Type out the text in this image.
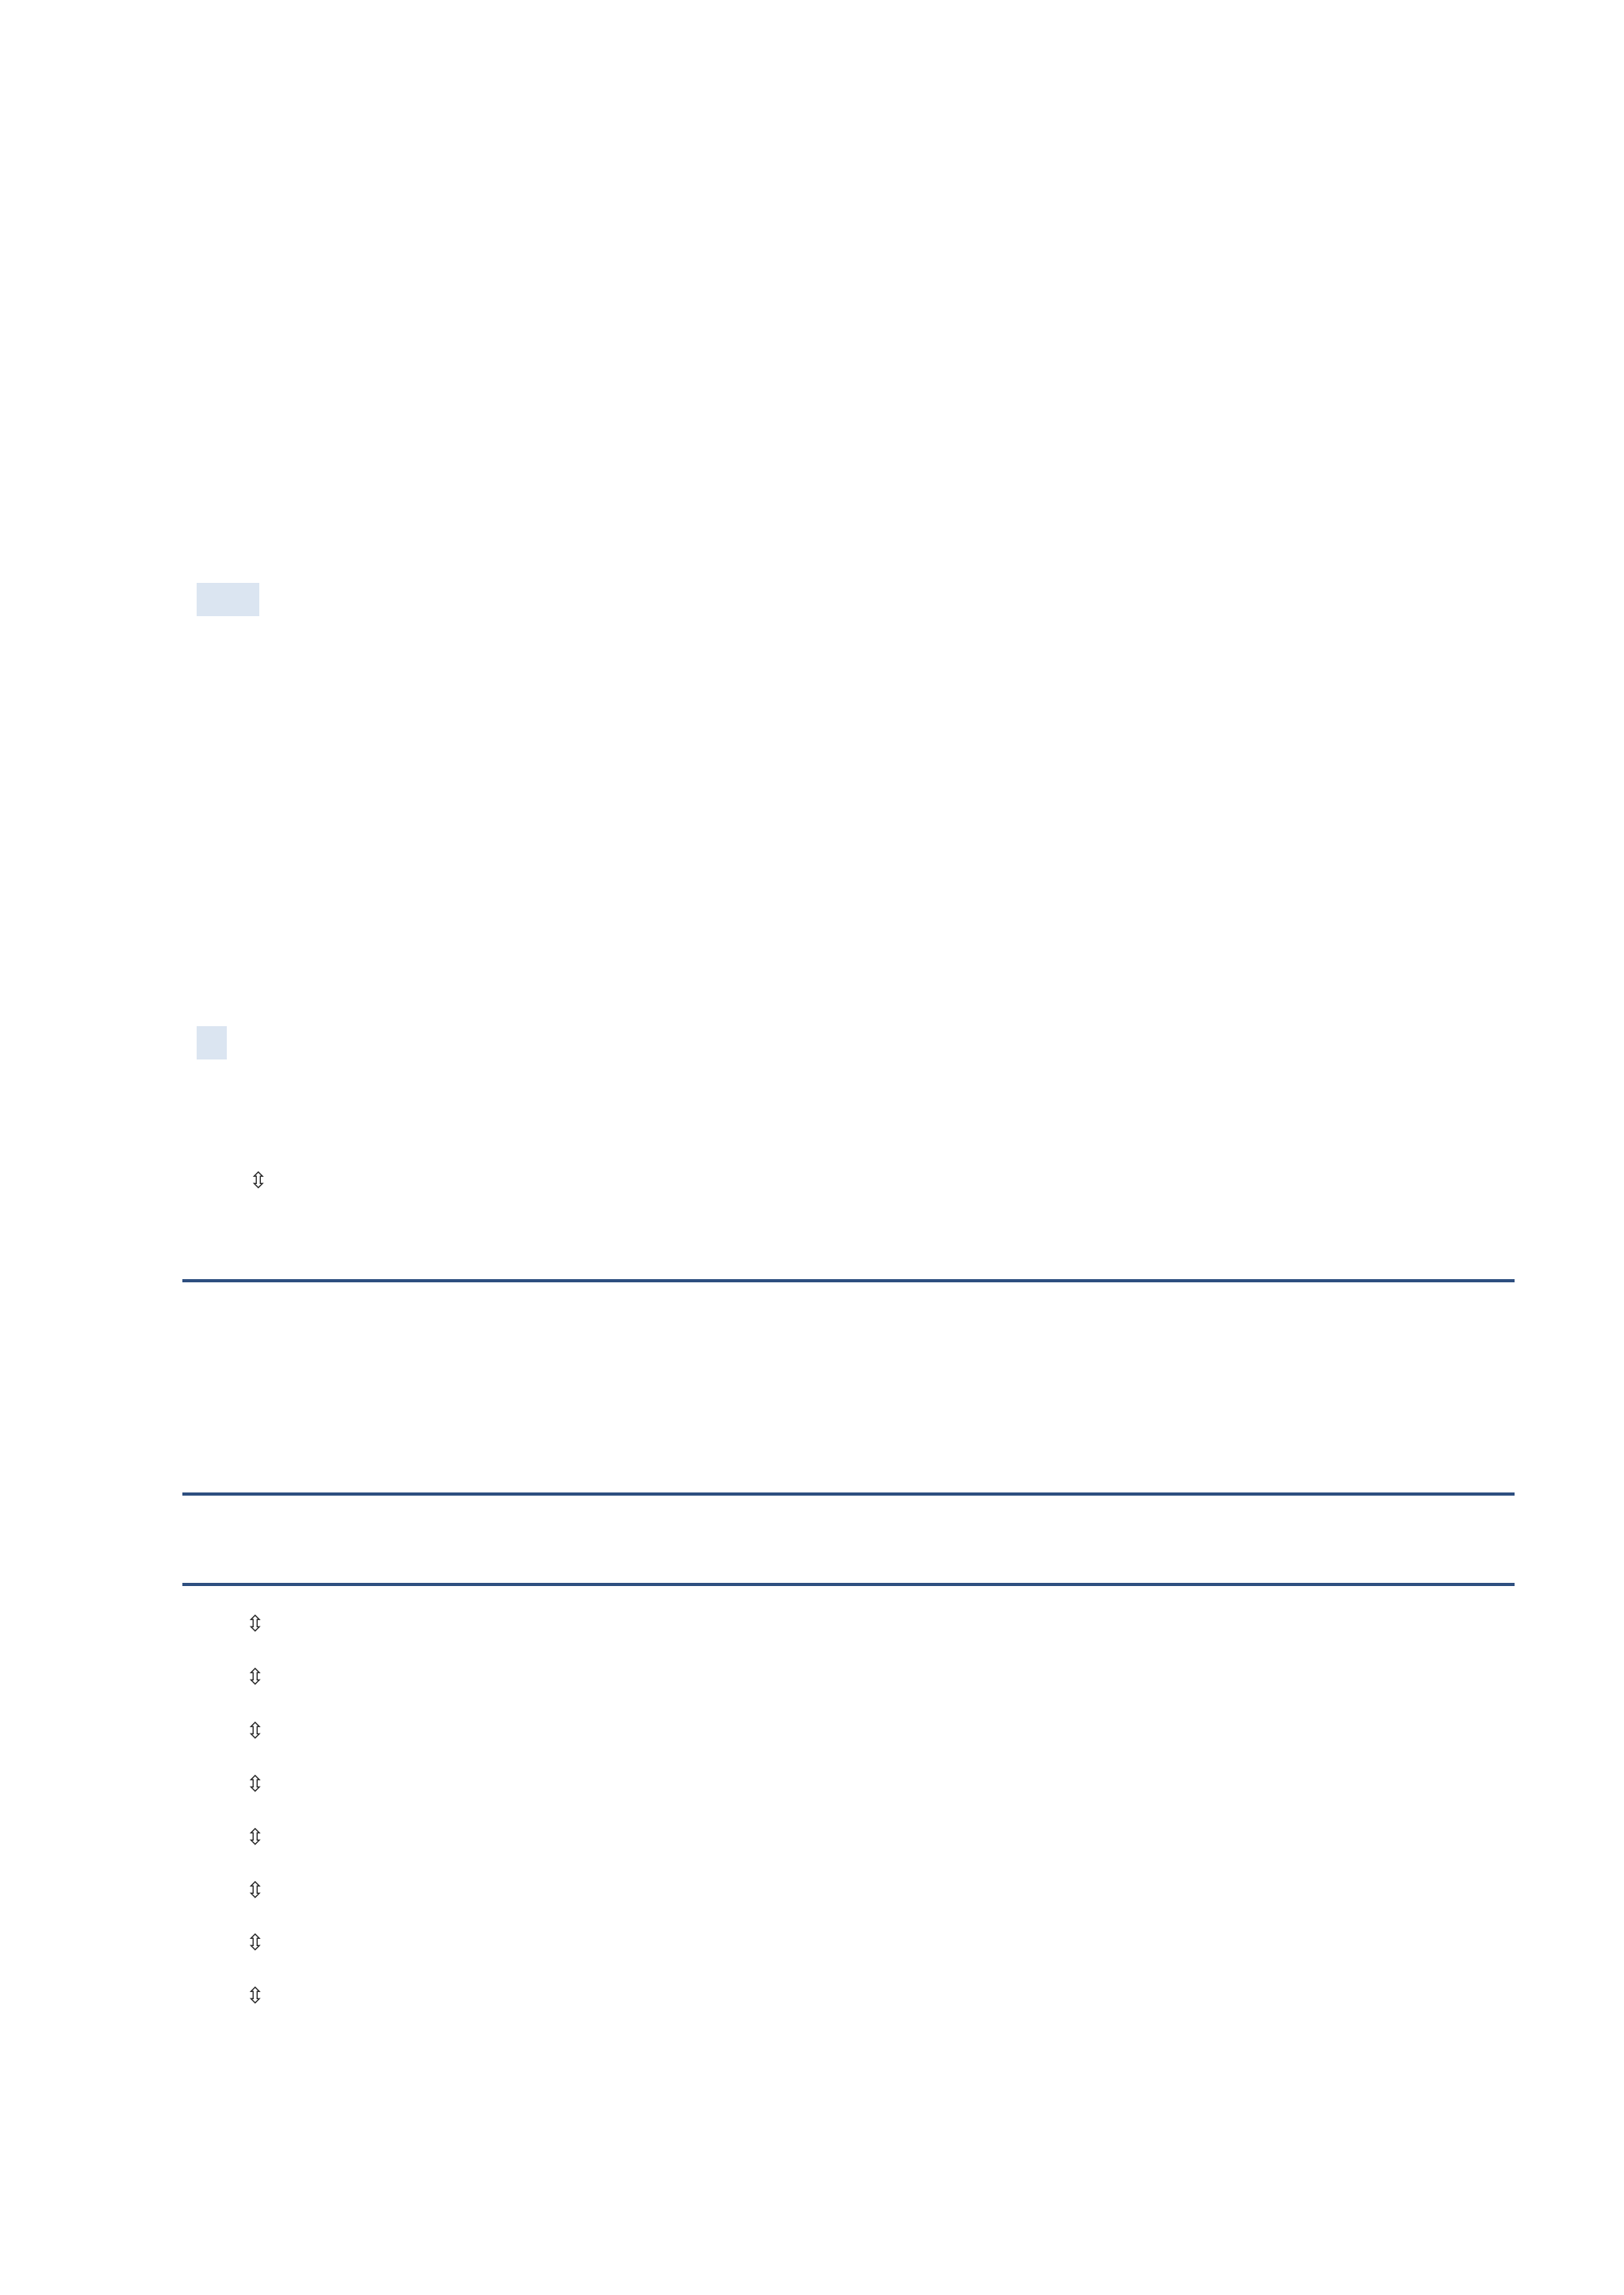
⇳
⇳
⇳
⇳
⇳
⇳
⇳

⇳

⇳
